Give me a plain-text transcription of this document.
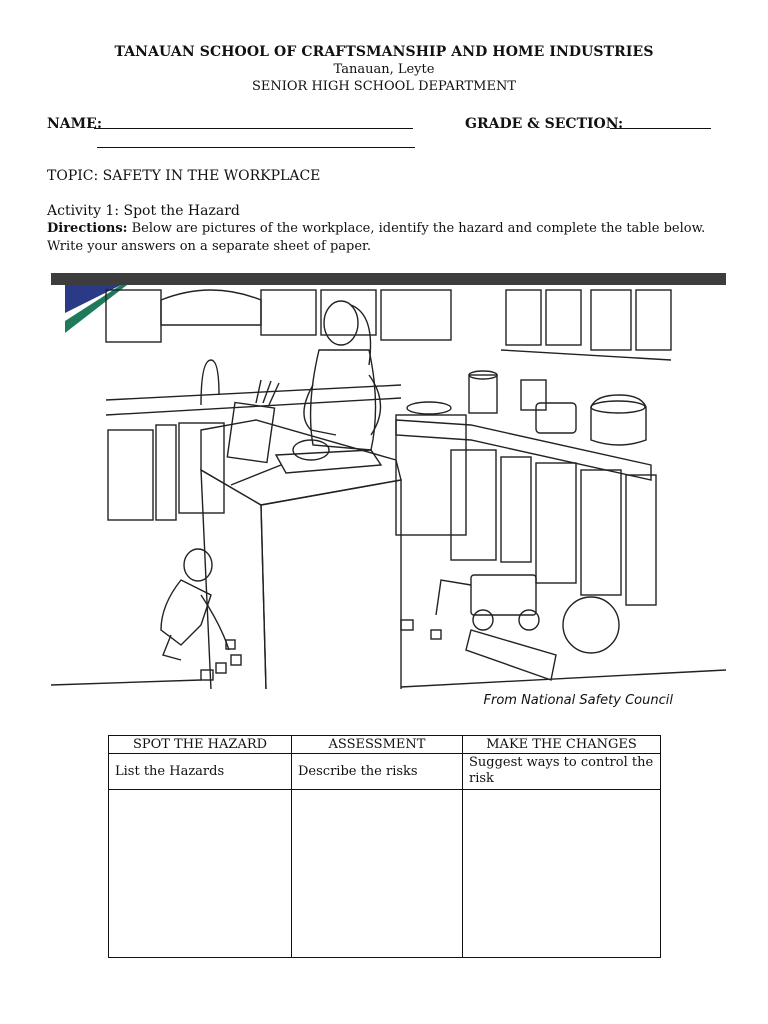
TANAUAN SCHOOL OF CRAFTSMANSHIP AND HOME INDUSTRIES
Tanauan, Leyte
SENIOR HIGH SCHOOL DEPARTMENT
NAME:	GRADE & SECTION:
TOPIC: SAFETY IN THE WORKPLACE
Activity 1: Spot the Hazard
Directions: Below are pictures of the workplace, identify the hazard and complete the table below. Write your answers on a separate sheet of paper.
From National Safety Council
SPOT THE HAZARD	ASSESSMENT	MAKE THE CHANGES
List the Hazards	Describe the risks	Suggest ways to control the risk
